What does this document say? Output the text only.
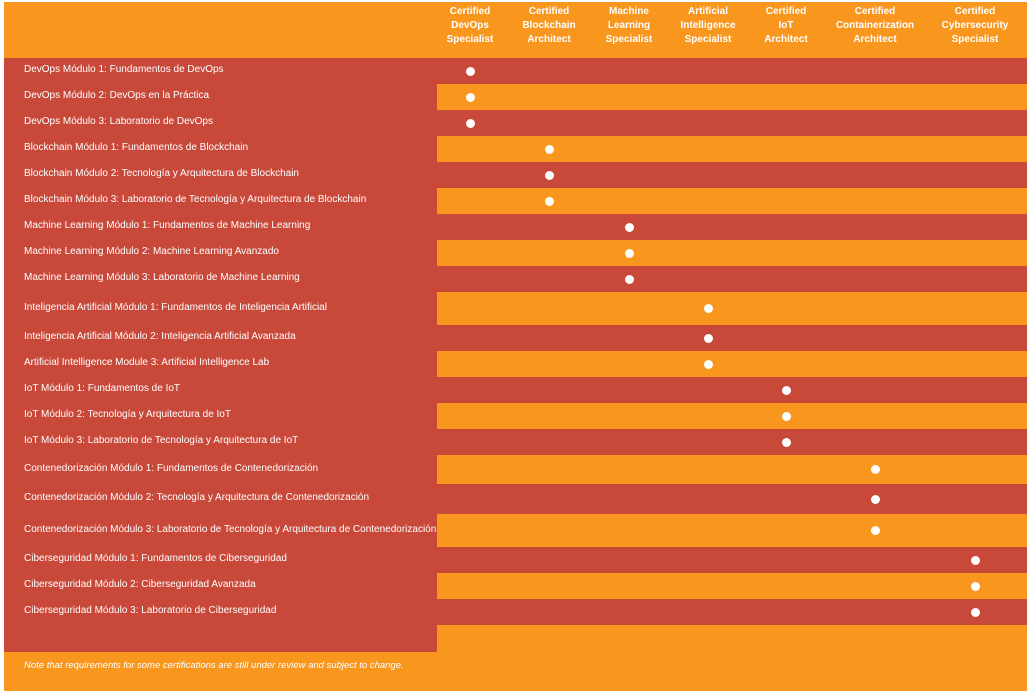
Certified
DevOps
Specialist
Certified
Blockchain
Architect
Machine
Learning
Specialist
Artificial
Intelligence
Specialist
Certified
IoT
Architect
Certified
Containerization
Architect
Certified
Cybersecurity
Specialist
DevOps Módulo 1: Fundamentos de DevOps
DevOps Módulo 2: DevOps en la Práctica
DevOps Módulo 3: Laboratorio de DevOps
Blockchain Módulo 1: Fundamentos de Blockchain
Blockchain Módulo 2: Tecnología y Arquitectura de Blockchain
Blockchain Módulo 3: Laboratorio de Tecnología y Arquitectura de Blockchain
Machine Learning Módulo 1: Fundamentos de Machine Learning
Machine Learning Módulo 2: Machine Learning Avanzado
Machine Learning Módulo 3: Laboratorio de Machine Learning
Inteligencia Artificial Módulo 1: Fundamentos de Inteligencia Artificial
Inteligencia Artificial Módulo 2: Inteligencia Artificial Avanzada
Artificial Intelligence Module 3: Artificial Intelligence Lab
IoT Módulo 1: Fundamentos de IoT
IoT Módulo 2: Tecnología y Arquitectura de IoT
IoT Módulo 3: Laboratorio de Tecnología y Arquitectura de IoT
Contenedorización Módulo 1: Fundamentos de Contenedorización
Contenedorización Módulo 2: Tecnología y Arquitectura de Contenedorización
Contenedorización Módulo 3: Laboratorio de Tecnología y Arquitectura de Contenedorización
Ciberseguridad Módulo 1: Fundamentos de Ciberseguridad
Ciberseguridad Módulo 2: Ciberseguridad Avanzada
Ciberseguridad Módulo 3: Laboratorio de Ciberseguridad
Note that requirements for some certifications are still under review and subject to change.
